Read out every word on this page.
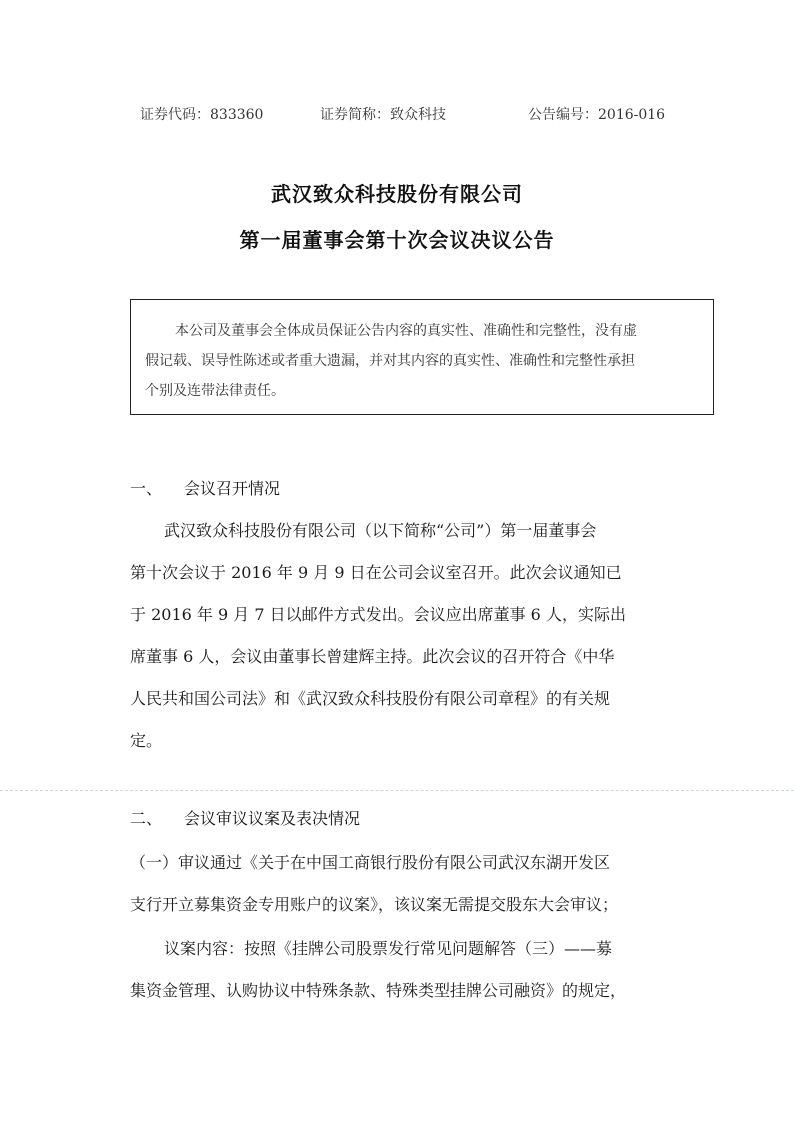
证券代码：833360	证券简称：致众科技	公告编号：2016-016
武汉致众科技股份有限公司
第一届董事会第十次会议决议公告
本公司及董事会全体成员保证公告内容的真实性、准确性和完整性，没有虚
假记载、误导性陈述或者重大遗漏，并对其内容的真实性、准确性和完整性承担
个别及连带法律责任。
一、 会议召开情况
武汉致众科技股份有限公司（以下简称“公司”）第一届董事会
第十次会议于 2016 年 9 月 9 日在公司会议室召开。此次会议通知已
于 2016 年 9 月 7 日以邮件方式发出。会议应出席董事 6 人，实际出
席董事 6 人，会议由董事长曾建辉主持。此次会议的召开符合《中华
人民共和国公司法》和《武汉致众科技股份有限公司章程》的有关规
定。
二、 会议审议议案及表决情况
（一）审议通过《关于在中国工商银行股份有限公司武汉东湖开发区
支行开立募集资金专用账户的议案》，该议案无需提交股东大会审议；
议案内容：按照《挂牌公司股票发行常见问题解答（三）——募
集资金管理、认购协议中特殊条款、特殊类型挂牌公司融资》的规定，
